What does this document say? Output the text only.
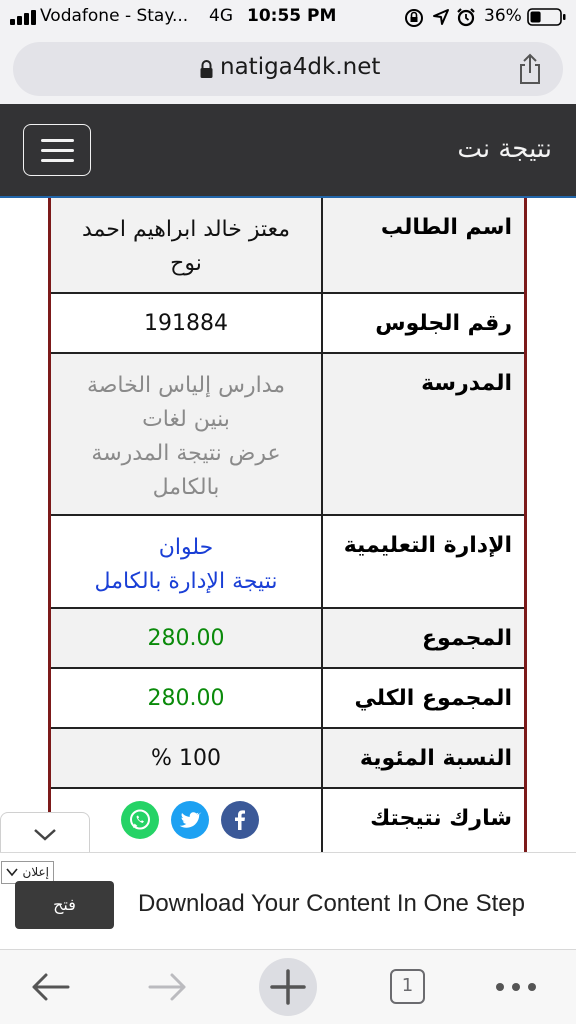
Vodafone - Stay... 4G 10:55 PM	36%
natiga4dk.net
نتيجة نت
اسم الطالب
معتز خالد ابراهيم احمد
نوح
رقم الجلوس
191884
المدرسة
مدارس إلياس الخاصة
بنين لغات
عرض نتيجة المدرسة
بالكامل
الإدارة التعليمية
حلوان
نتيجة الإدارة بالكامل
المجموع
280.00
المجموع الكلي
280.00
النسبة المئوية
100 %
شارك نتيجتك
إعلان
فتح	Download Your Content In One Step
1
